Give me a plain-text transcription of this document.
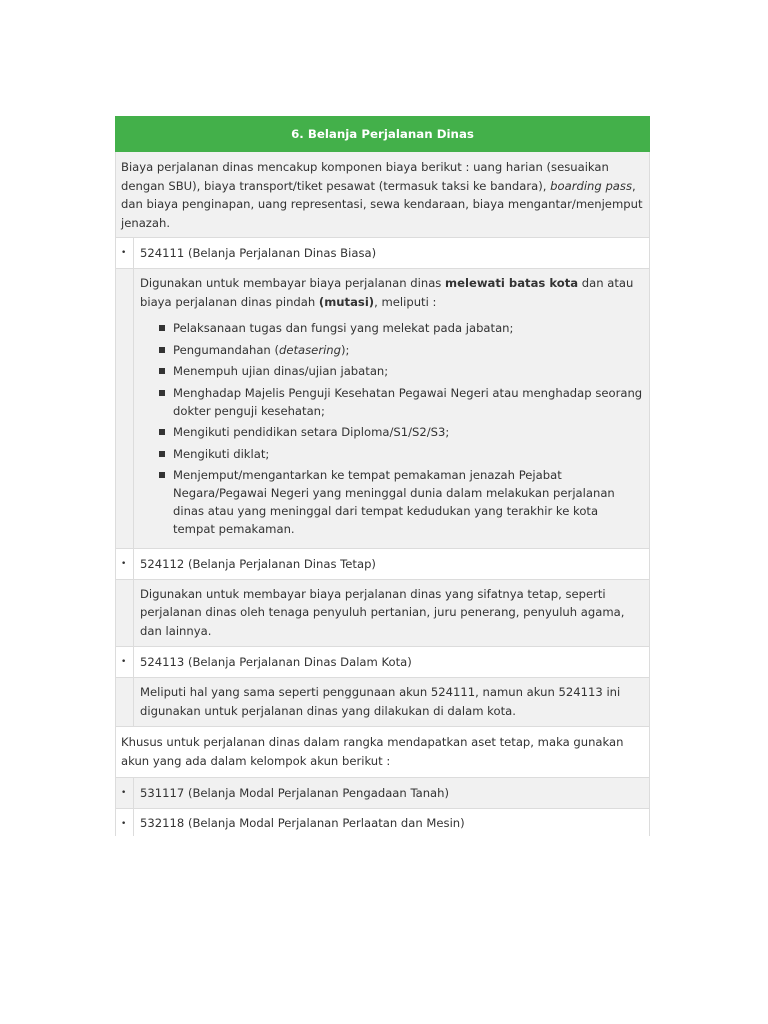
6. Belanja Perjalanan Dinas
Biaya perjalanan dinas mencakup komponen biaya berikut : uang harian (sesuaikan dengan SBU), biaya transport/tiket pesawat (termasuk taksi ke bandara), boarding pass, dan biaya penginapan, uang representasi, sewa kendaraan, biaya mengantar/menjemput jenazah.
• 524111 (Belanja Perjalanan Dinas Biasa)
Digunakan untuk membayar biaya perjalanan dinas melewati batas kota dan atau biaya perjalanan dinas pindah (mutasi), meliputi :
Pelaksanaan tugas dan fungsi yang melekat pada jabatan;
Pengumandahan (detasering);
Menempuh ujian dinas/ujian jabatan;
Menghadap Majelis Penguji Kesehatan Pegawai Negeri atau menghadap seorang dokter penguji kesehatan;
Mengikuti pendidikan setara Diploma/S1/S2/S3;
Mengikuti diklat;
Menjemput/mengantarkan ke tempat pemakaman jenazah Pejabat Negara/Pegawai Negeri yang meninggal dunia dalam melakukan perjalanan dinas atau yang meninggal dari tempat kedudukan yang terakhir ke kota tempat pemakaman.
• 524112 (Belanja Perjalanan Dinas Tetap)
Digunakan untuk membayar biaya perjalanan dinas yang sifatnya tetap, seperti perjalanan dinas oleh tenaga penyuluh pertanian, juru penerang, penyuluh agama, dan lainnya.
• 524113 (Belanja Perjalanan Dinas Dalam Kota)
Meliputi hal yang sama seperti penggunaan akun 524111, namun akun 524113 ini digunakan untuk perjalanan dinas yang dilakukan di dalam kota.
Khusus untuk perjalanan dinas dalam rangka mendapatkan aset tetap, maka gunakan akun yang ada dalam kelompok akun berikut :
• 531117 (Belanja Modal Perjalanan Pengadaan Tanah)
• 532118 (Belanja Modal Perjalanan Perlaatan dan Mesin)
